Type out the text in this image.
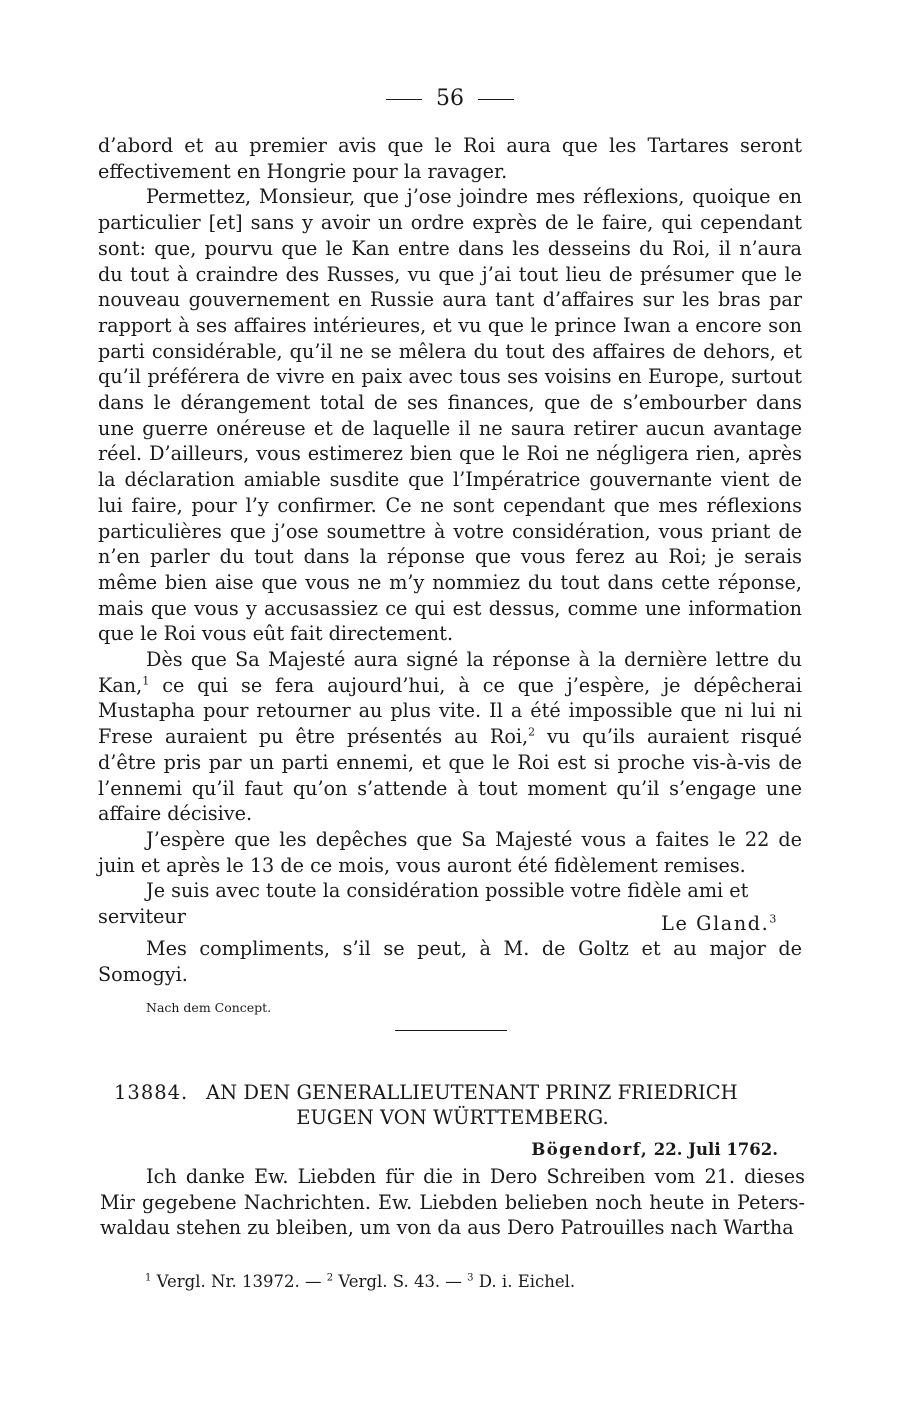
56

d’abord et au premier avis que le Roi aura que les Tartares seront effectivement en Hongrie pour la ravager.

Permettez, Monsieur, que j’ose joindre mes réflexions, quoique en particulier [et] sans y avoir un ordre exprès de le faire, qui cependant sont: que, pourvu que le Kan entre dans les desseins du Roi, il n’aura du tout à craindre des Russes, vu que j’ai tout lieu de présumer que le nouveau gouvernement en Russie aura tant d’affaires sur les bras par rapport à ses affaires intérieures, et vu que le prince Iwan a encore son parti considérable, qu’il ne se mêlera du tout des affaires de dehors, et qu’il préférera de vivre en paix avec tous ses voisins en Europe, surtout dans le dérangement total de ses finances, que de s’embourber dans une guerre onéreuse et de laquelle il ne saura retirer aucun avantage réel. D’ailleurs, vous estimerez bien que le Roi ne négligera rien, après la déclaration amiable susdite que l’Impératrice gouvernante vient de lui faire, pour l’y confirmer. Ce ne sont cependant que mes réflexions particulières que j’ose soumettre à votre considération, vous priant de n’en parler du tout dans la réponse que vous ferez au Roi; je serais même bien aise que vous ne m’y nommiez du tout dans cette réponse, mais que vous y accusassiez ce qui est dessus, comme une information que le Roi vous eût fait directement.

Dès que Sa Majesté aura signé la réponse à la dernière lettre du Kan,$^1$ ce qui se fera aujourd’hui, à ce que j’espère, je dépêcherai Mustapha pour retourner au plus vite. Il a été impossible que ni lui ni Frese auraient pu être présentés au Roi,$^2$ vu qu’ils auraient risqué d’être pris par un parti ennemi, et que le Roi est si proche vis-à-vis de l’ennemi qu’il faut qu’on s’attende à tout moment qu’il s’engage une affaire décisive.

J’espère que les depêches que Sa Majesté vous a faites le 22 de juin et après le 13 de ce mois, vous auront été fidèlement remises.

Je suis avec toute la considération possible votre fidèle ami et

serviteur	Le Gland.$^3$

Mes compliments, s’il se peut, à M. de Goltz et au major de Somogyi.

Nach dem Concept.
13884. AN DEN GENERALLIEUTENANT PRINZ FRIEDRICH
EUGEN VON WÜRTTEMBERG.
Bögendorf, 22. Juli 1762.

Ich danke Ew. Liebden für die in Dero Schreiben vom 21. dieses Mir gegebene Nachrichten. Ew. Liebden belieben noch heute in Peterswaldau stehen zu bleiben, um von da aus Dero Patrouilles nach Wartha

$^1$ Vergl. Nr. 13972. — $^2$ Vergl. S. 43. — $^3$ D. i. Eichel.
